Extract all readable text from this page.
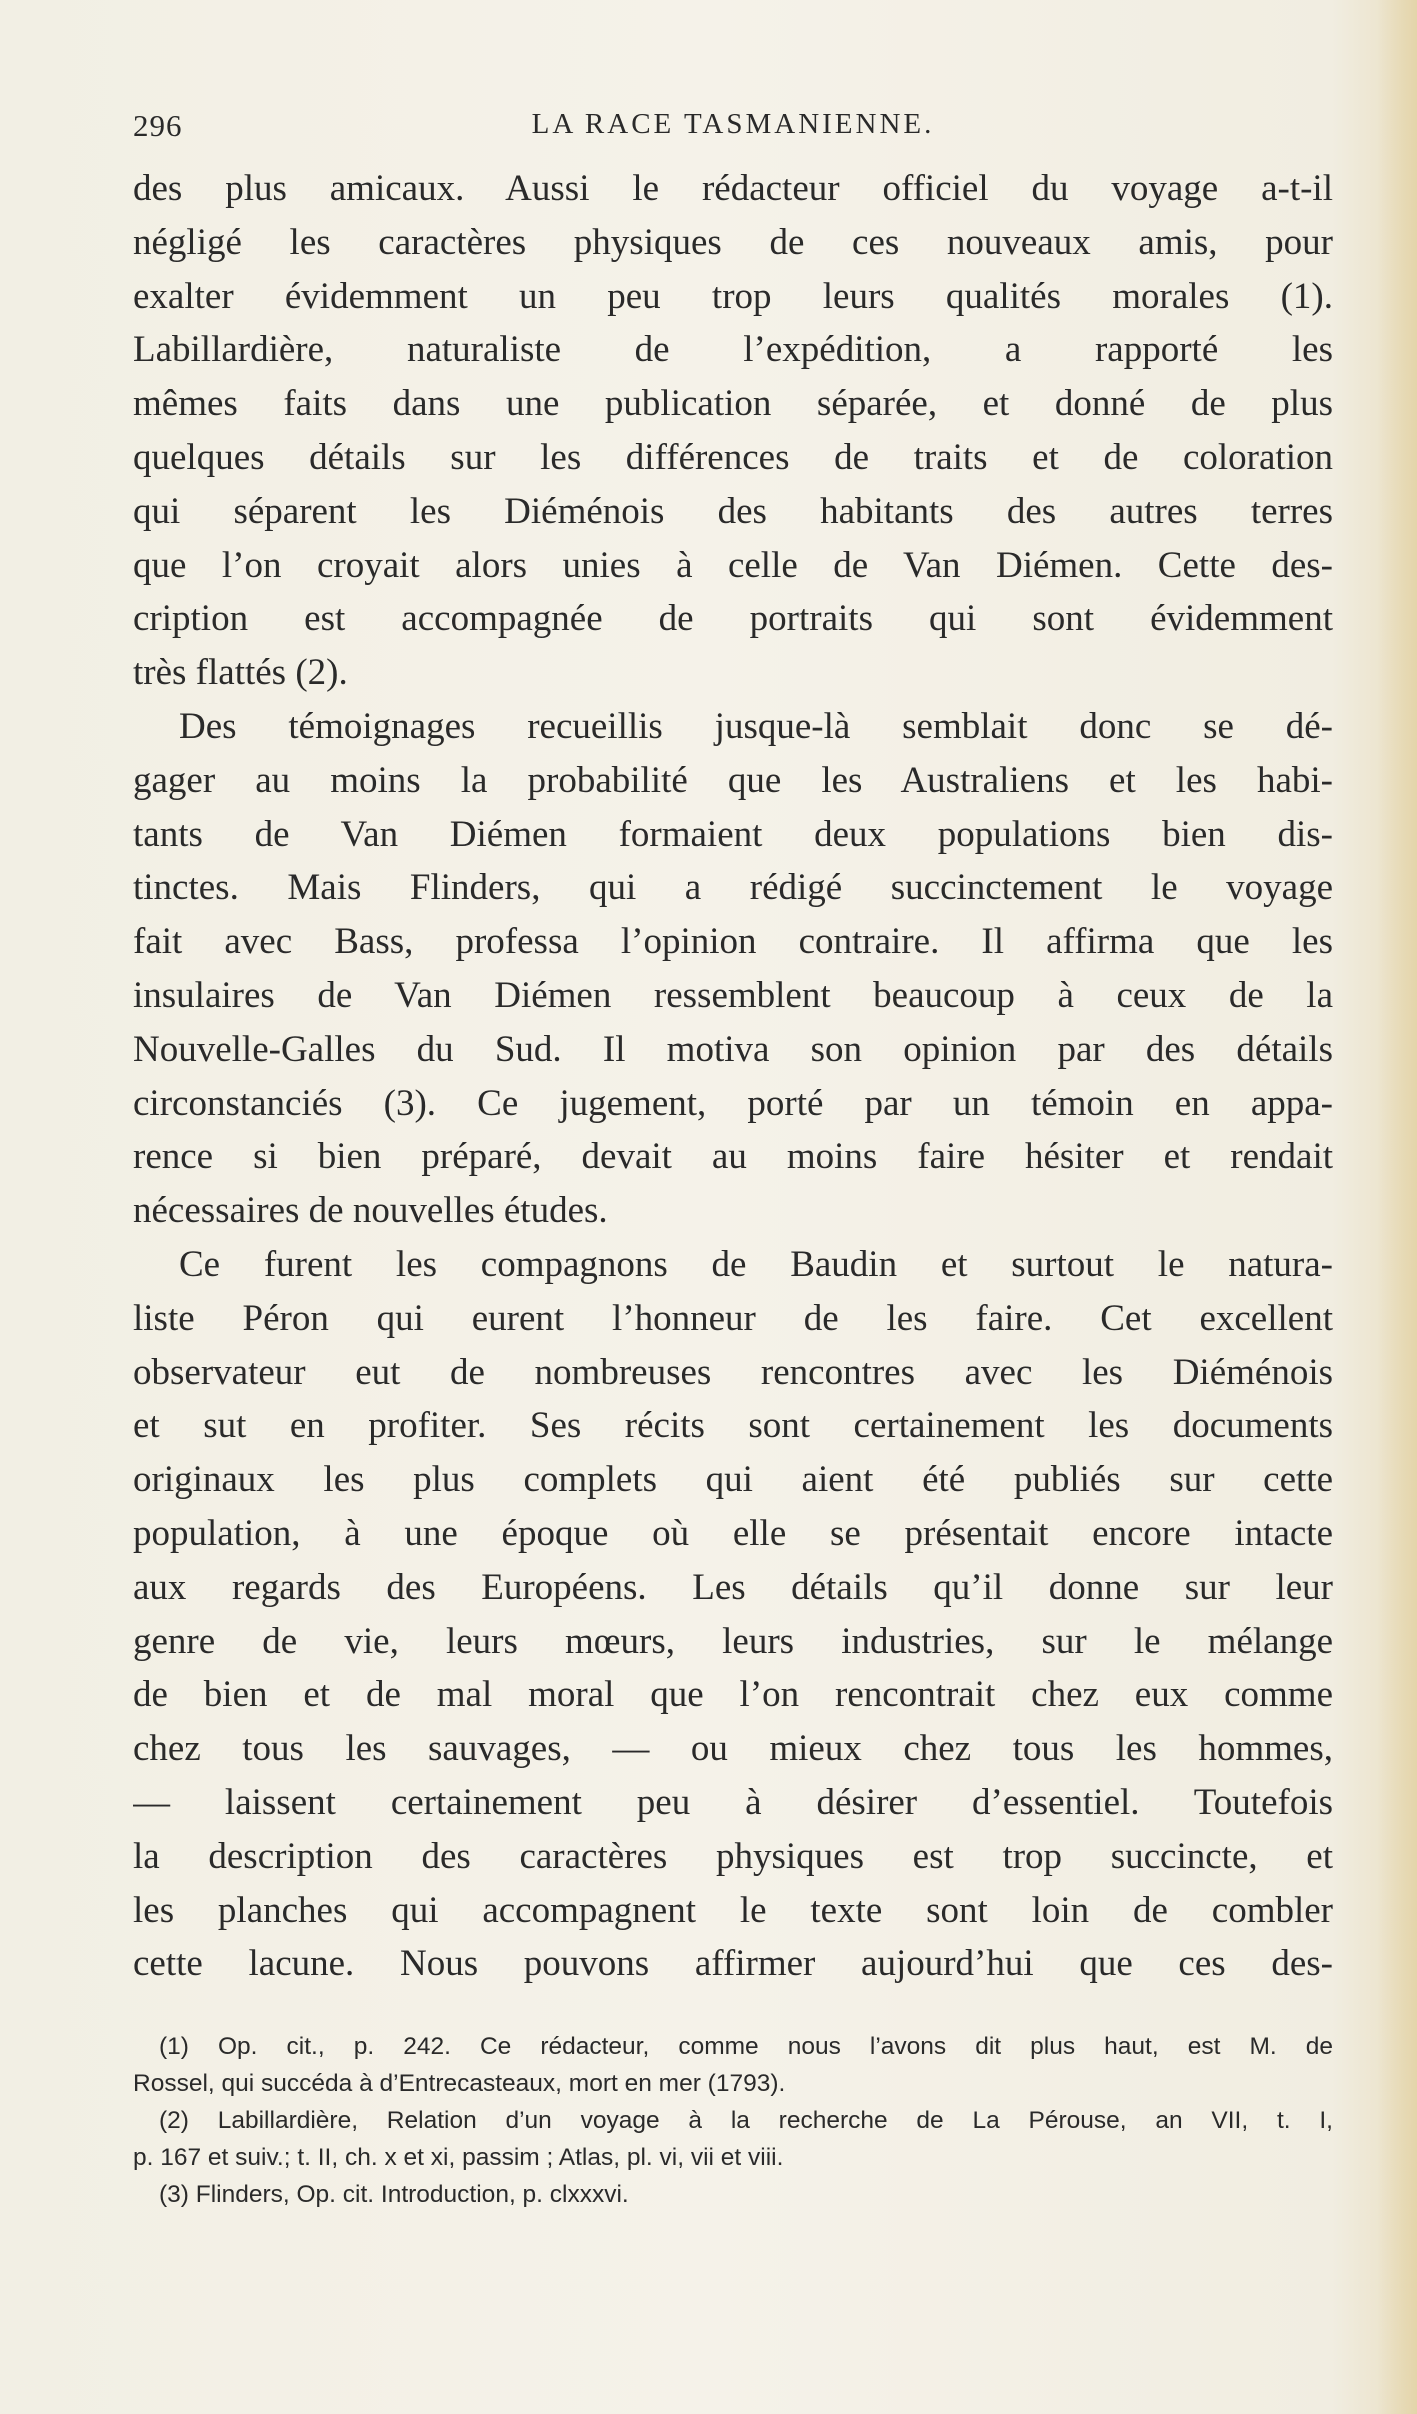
LA RACE TASMANIENNE.
296
des plus amicaux. Aussi le rédacteur officiel du voyage a-t-il
négligé les caractères physiques de ces nouveaux amis, pour
exalter évidemment un peu trop leurs qualités morales (1).
Labillardière, naturaliste de l’expédition, a rapporté les
mêmes faits dans une publication séparée, et donné de plus
quelques détails sur les différences de traits et de coloration
qui séparent les Diéménois des habitants des autres terres
que l’on croyait alors unies à celle de Van Diémen. Cette des-
cription est accompagnée de portraits qui sont évidemment
très flattés (2).
Des témoignages recueillis jusque-là semblait donc se dé-
gager au moins la probabilité que les Australiens et les habi-
tants de Van Diémen formaient deux populations bien dis-
tinctes. Mais Flinders, qui a rédigé succinctement le voyage
fait avec Bass, professa l’opinion contraire. Il affirma que les
insulaires de Van Diémen ressemblent beaucoup à ceux de la
Nouvelle-Galles du Sud. Il motiva son opinion par des détails
circonstanciés (3). Ce jugement, porté par un témoin en appa-
rence si bien préparé, devait au moins faire hésiter et rendait
nécessaires de nouvelles études.
Ce furent les compagnons de Baudin et surtout le natura-
liste Péron qui eurent l’honneur de les faire. Cet excellent
observateur eut de nombreuses rencontres avec les Diéménois
et sut en profiter. Ses récits sont certainement les documents
originaux les plus complets qui aient été publiés sur cette
population, à une époque où elle se présentait encore intacte
aux regards des Européens. Les détails qu’il donne sur leur
genre de vie, leurs mœurs, leurs industries, sur le mélange
de bien et de mal moral que l’on rencontrait chez eux comme
chez tous les sauvages, — ou mieux chez tous les hommes,
— laissent certainement peu à désirer d’essentiel. Toutefois
la description des caractères physiques est trop succincte, et
les planches qui accompagnent le texte sont loin de combler
cette lacune. Nous pouvons affirmer aujourd’hui que ces des-
(1) Op. cit., p. 242. Ce rédacteur, comme nous l’avons dit plus haut, est M. de
Rossel, qui succéda à d’Entrecasteaux, mort en mer (1793).
(2) Labillardière, Relation d’un voyage à la recherche de La Pérouse, an VII, t. I,
p. 167 et suiv.; t. II, ch. x et xi, passim ; Atlas, pl. vi, vii et viii.
(3) Flinders, Op. cit. Introduction, p. clxxxvi.
